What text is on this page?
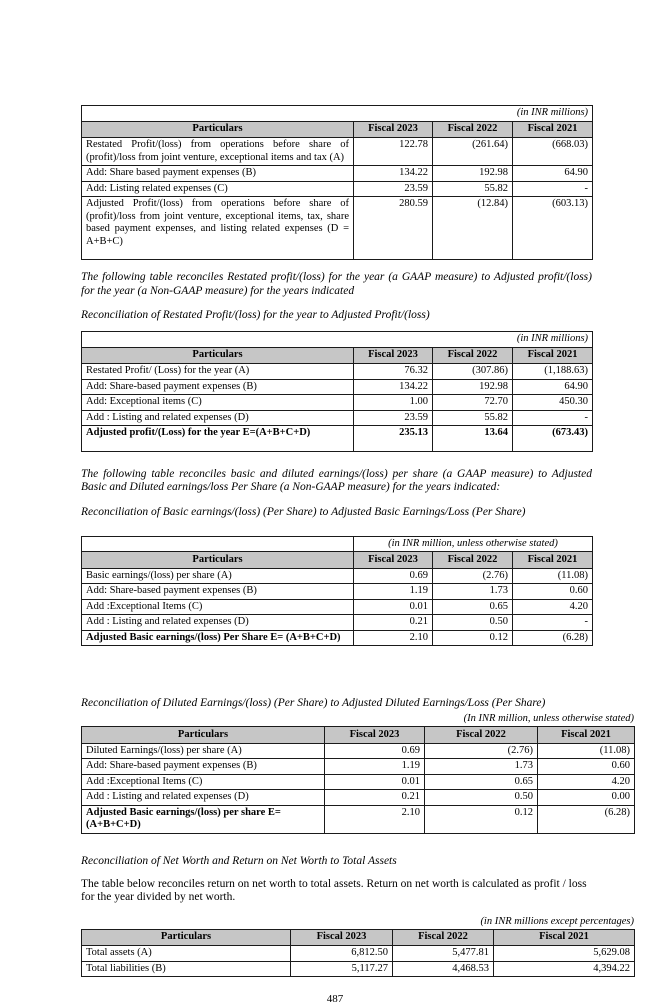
(in INR millions)			
Particulars	Fiscal 2023	Fiscal 2022	Fiscal 2021
Restated Profit/(loss) from operations before share of (profit)/loss from joint venture, exceptional items and tax (A)	122.78	(261.64)	(668.03)
Add: Share based payment expenses (B)	134.22	192.98	64.90
Add: Listing related expenses (C)	23.59	55.82	-
Adjusted Profit/(loss) from operations before share of (profit)/loss from joint venture, exceptional items, tax, share based payment expenses, and listing related expenses (D = A+B+C)	280.59	(12.84)	(603.13)
The following table reconciles Restated profit/(loss) for the year (a GAAP measure) to Adjusted profit/(loss) for the year (a Non-GAAP measure) for the years indicated
Reconciliation of Restated Profit/(loss) for the year to Adjusted Profit/(loss)
(in INR millions)			
Particulars	Fiscal 2023	Fiscal 2022	Fiscal 2021
Restated Profit/ (Loss) for the year (A)	76.32	(307.86)	(1,188.63)
Add: Share-based payment expenses (B)	134.22	192.98	64.90
Add: Exceptional items (C)	1.00	72.70	450.30
Add : Listing and related expenses (D)	23.59	55.82	-
Adjusted profit/(Loss) for the year E=(A+B+C+D)	235.13	13.64	(673.43)
The following table reconciles basic and diluted earnings/(loss) per share (a GAAP measure) to Adjusted Basic and Diluted earnings/loss Per Share (a Non-GAAP measure) for the years indicated:
Reconciliation of Basic earnings/(loss) (Per Share) to Adjusted Basic Earnings/Loss (Per Share)
	(in INR million, unless otherwise stated)		
Particulars	Fiscal 2023	Fiscal 2022	Fiscal 2021
Basic earnings/(loss) per share (A)	0.69	(2.76)	(11.08)
Add: Share-based payment expenses (B)	1.19	1.73	0.60
Add :Exceptional Items (C)	0.01	0.65	4.20
Add : Listing and related expenses (D)	0.21	0.50	-
Adjusted Basic earnings/(loss) Per Share E= (A+B+C+D)	2.10	0.12	(6.28)
Reconciliation of Diluted Earnings/(loss) (Per Share) to Adjusted Diluted Earnings/Loss (Per Share)
(In INR million, unless otherwise stated)
Particulars	Fiscal 2023	Fiscal 2022	Fiscal 2021
Diluted Earnings/(loss) per share (A)	0.69	(2.76)	(11.08)
Add: Share-based payment expenses (B)	1.19	1.73	0.60
Add :Exceptional Items (C)	0.01	0.65	4.20
Add : Listing and related expenses (D)	0.21	0.50	0.00
Adjusted Basic earnings/(loss) per share E= (A+B+C+D)	2.10	0.12	(6.28)
Reconciliation of Net Worth and Return on Net Worth to Total Assets
The table below reconciles return on net worth to total assets. Return on net worth is calculated as profit / loss for the year divided by net worth.
(in INR millions except percentages)
Particulars	Fiscal 2023	Fiscal 2022	Fiscal 2021
Total assets (A)	6,812.50	5,477.81	5,629.08
Total liabilities (B)	5,117.27	4,468.53	4,394.22
487
